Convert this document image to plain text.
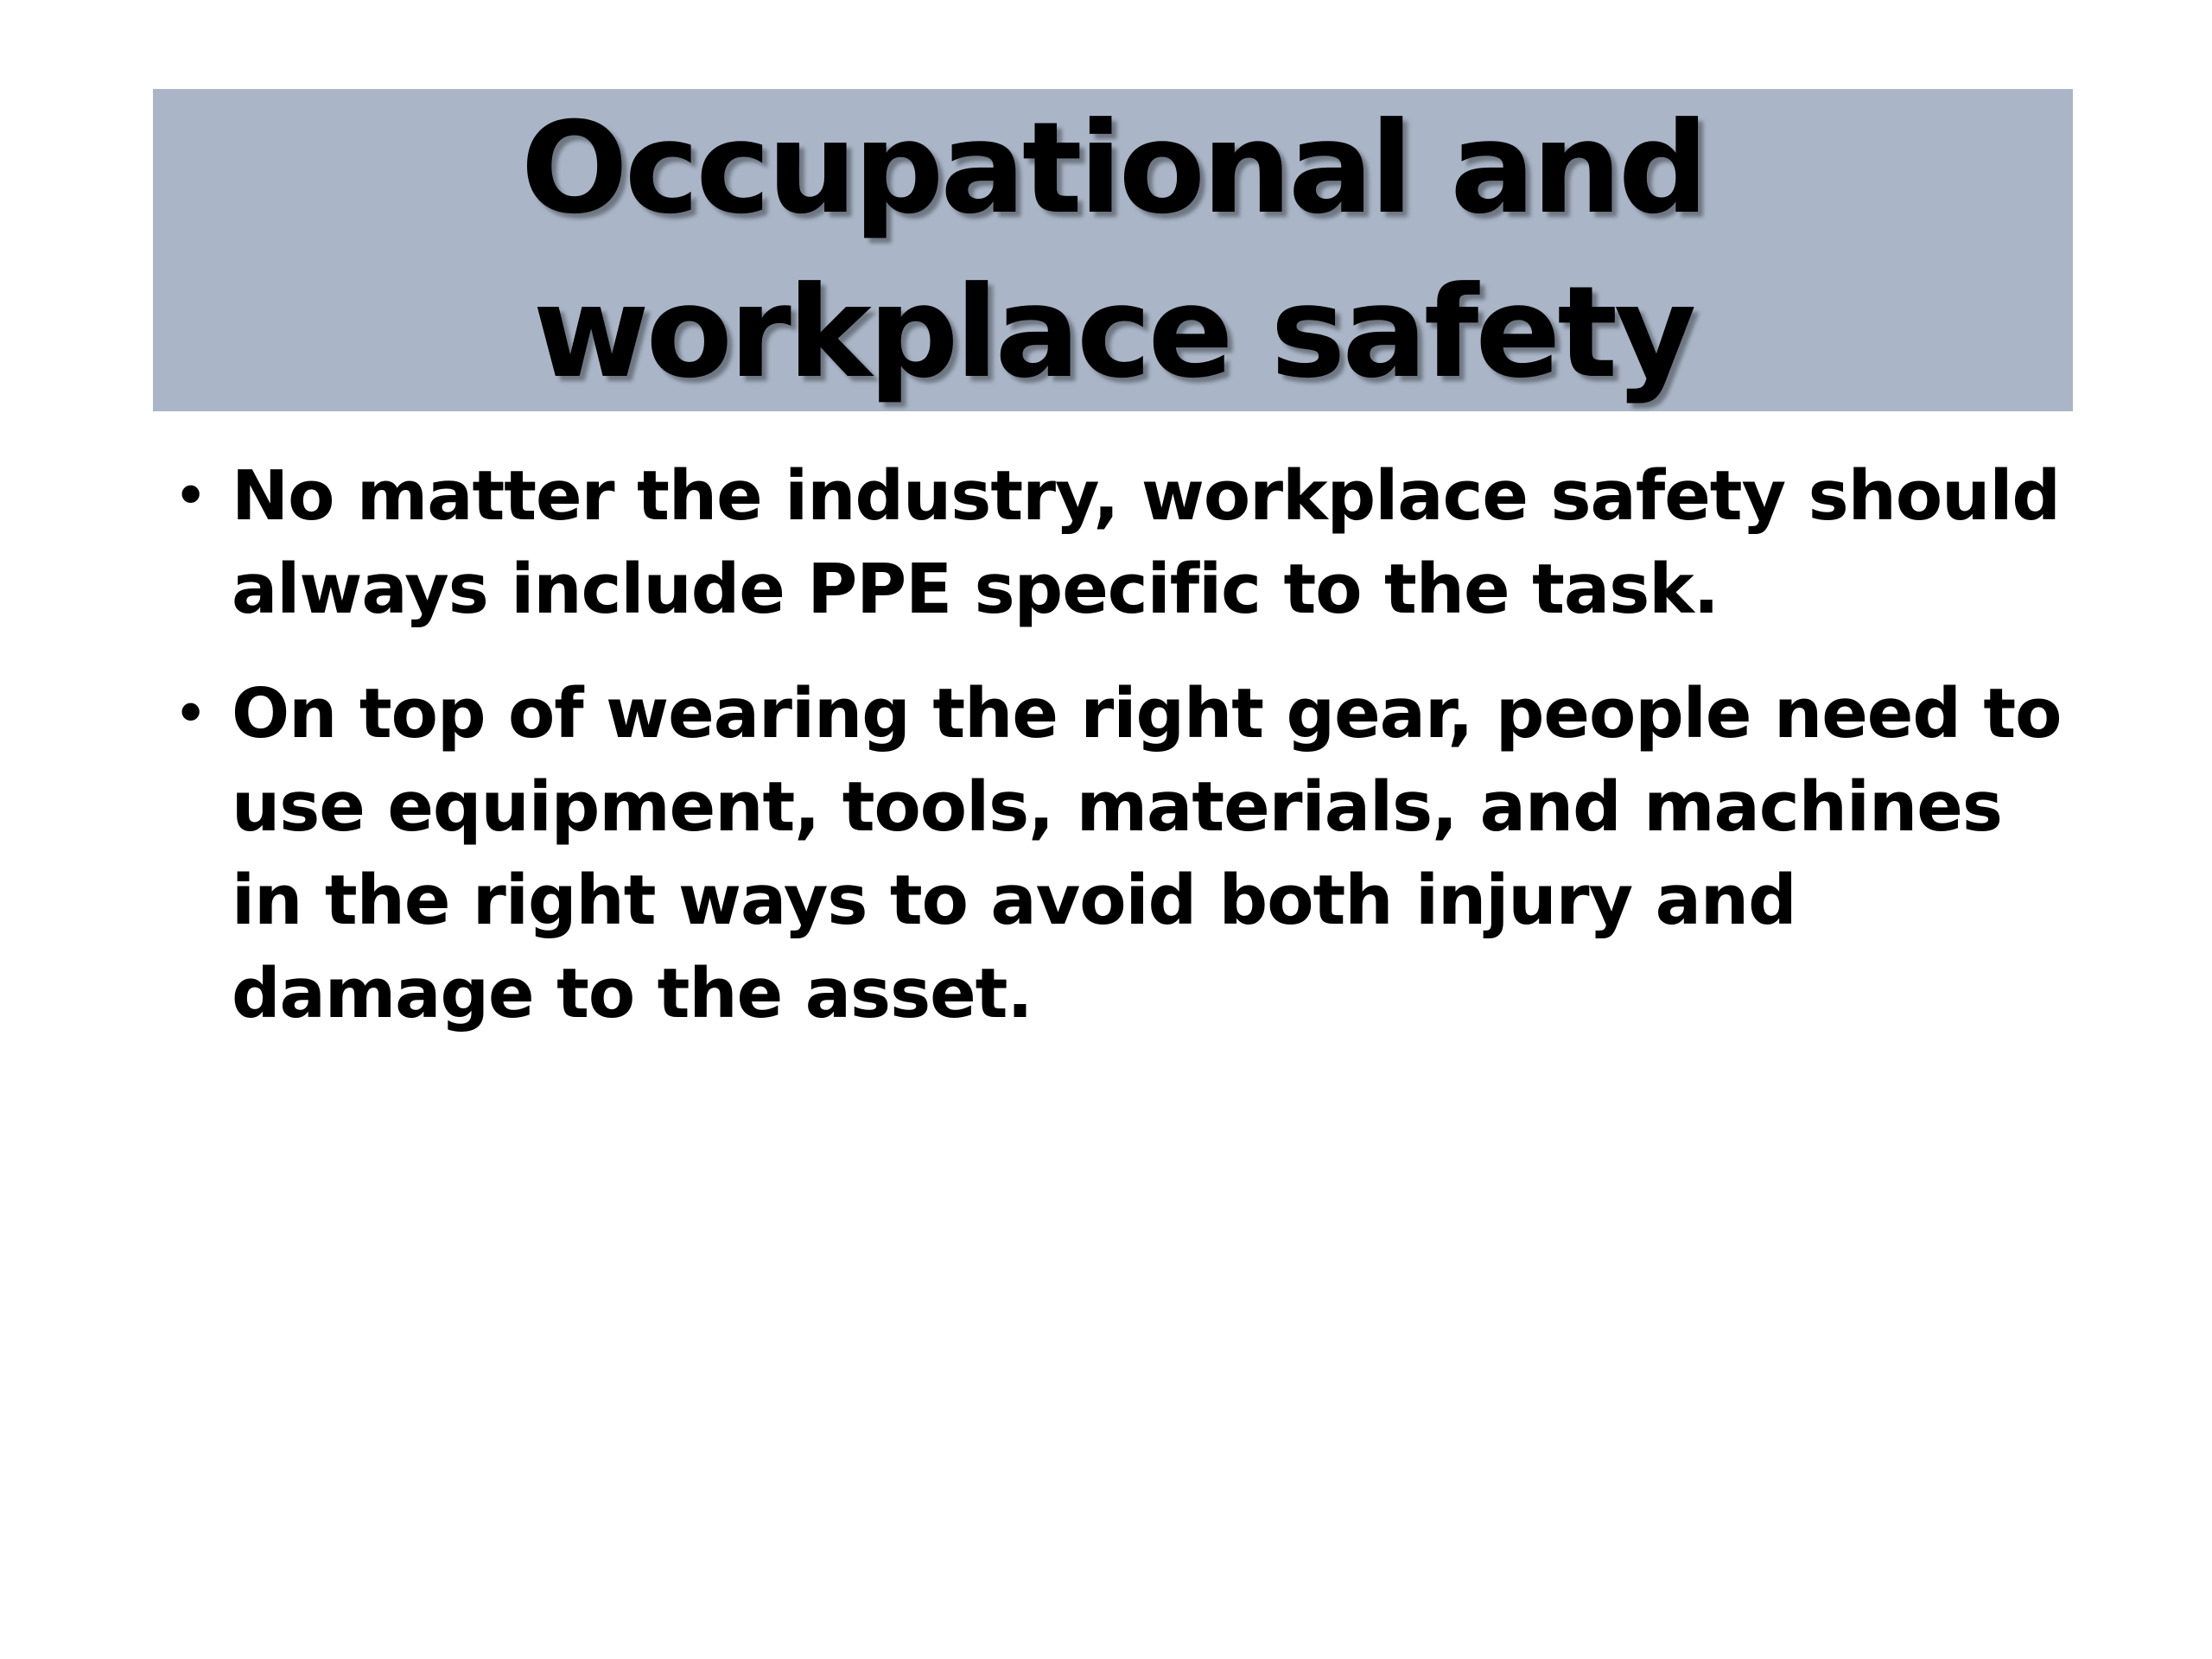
Occupational and workplace safety
• No matter the industry, workplace safety should always include PPE specific to the task.
• On top of wearing the right gear, people need to use equipment, tools, materials, and machines in the right ways to avoid both injury and damage to the asset.
